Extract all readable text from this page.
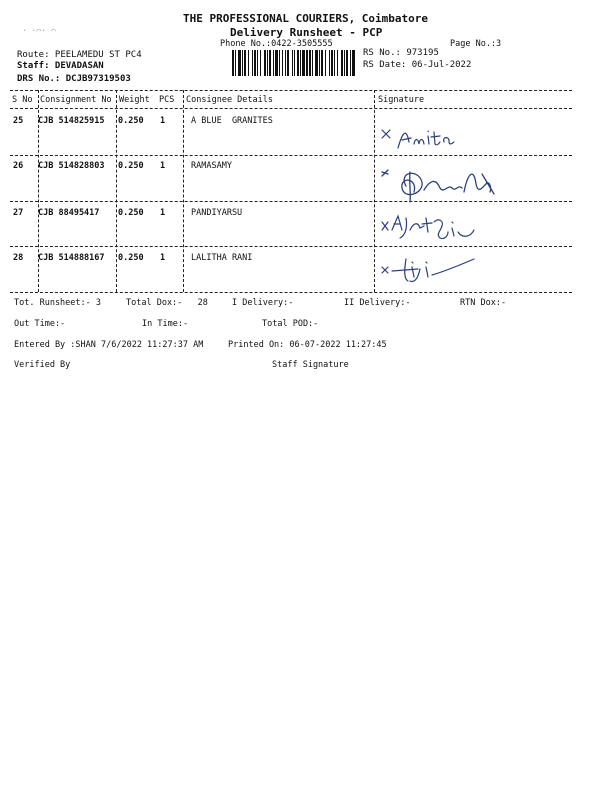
· ·⌒· ⌒
THE PROFESSIONAL COURIERS, Coimbatore
Delivery Runsheet - PCP
Phone No.:0422-3505555	Page No.:3
Route: PEELAMEDU ST PC4
Staff: DEVADASAN
DRS No.: DCJB97319503
RS No.: 973195
RS Date: 06-Jul-2022
S No Consignment No Weight PCS Consignee Details	Signature
25 CJB 514825915 0.250 1	A BLUE  GRANITES
26 CJB 514828803 0.250 1	RAMASAMY
27 CJB 88495417 0.250 1	PANDIYARSU
28 CJB 514888167 0.250 1	LALITHA RANI
Tot. Runsheet:- 3	Total Dox:-   28	I Delivery:-	II Delivery:-	RTN Dox:-
Out Time:-	In Time:-	Total POD:-
Entered By :SHAN 7/6/2022 11:27:37 AM	Printed On: 06-07-2022 11:27:45
Verified By	Staff Signature
